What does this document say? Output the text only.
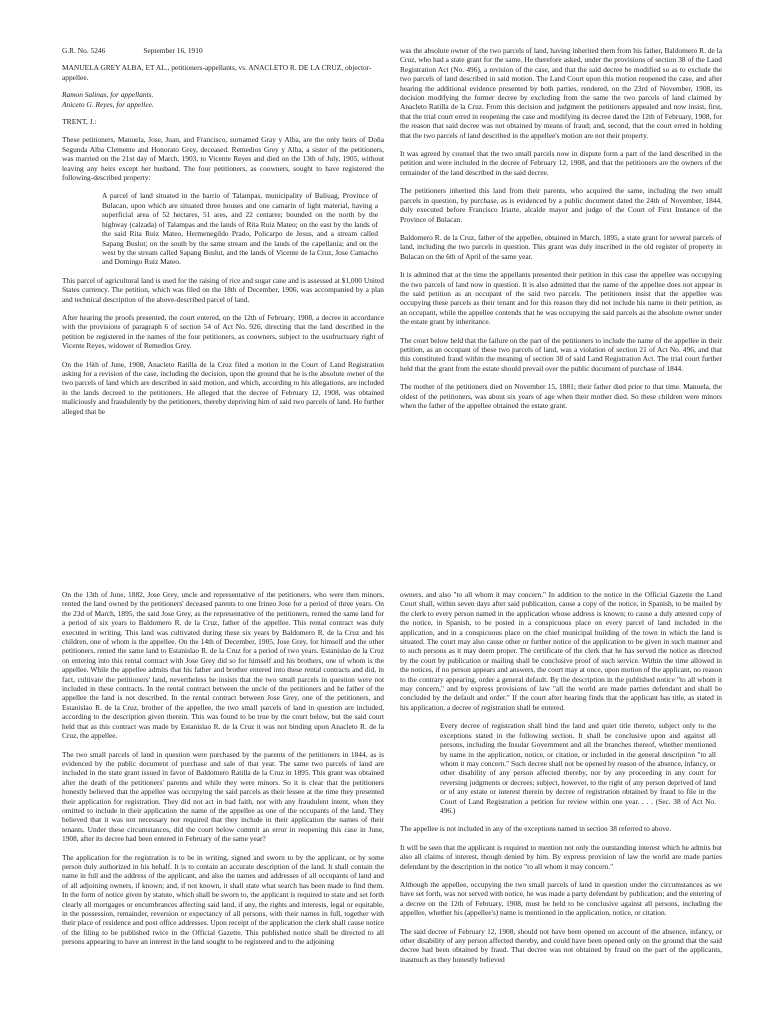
G.R. No. 5246	September 16, 1910
MANUELA GREY ALBA, ET AL., petitioners-appellants, vs. ANACLETO R. DE LA CRUZ, objector-appellee.
Ramon Salinas, for appellants.
Aniceto G. Reyes, for appellee.
TRENT, J.:
These petitioners, Manuela, Jose, Juan, and Francisco, surnamed Gray y Alba, are the only heirs of Doña Segunda Alba Clemente and Honorato Grey, deceased. Remedios Grey y Alba, a sister of the petitioners, was married on the 21st day of March, 1903, to Vicente Reyes and died on the 13th of July, 1905, without leaving any heirs except her husband. The four petitioners, as coowners, sought to have registered the following-described property:
A parcel of land situated in the barrio of Talampas, municipality of Baliuag, Province of Bulacan, upon which are situated three houses and one camarín of light material, having a superficial area of 52 hectares, 51 ares, and 22 centares; bounded on the north by the highway (calzada) of Talampas and the lands of Rita Ruiz Mateo; on the east by the lands of the said Rita Ruiz Mateo, Hermenegildo Prado, Policarpo de Jesus, and a stream called Sapang Buslut; on the south by the same stream and the lands of the capellanía; and on the west by the stream called Sapang Buslut, and the lands of Vicente de la Cruz, Jose Camacho and Domingo Ruiz Mateo.
This parcel of agricultural land is used for the raising of rice and sugar cane and is assessed at $1,000 United States currency. The petition, which was filed on the 18th of December, 1906, was accompanied by a plan and technical description of the above-described parcel of land.
After hearing the proofs presented, the court entered, on the 12th of February, 1908, a decree in accordance with the provisions of paragraph 6 of section 54 of Act No. 926, directing that the land described in the petition be registered in the names of the four petitioners, as coowners, subject to the usufructuary right of Vicente Reyes, widower of Remedios Grey.
On the 16th of June, 1908, Anacleto Ratilla de la Cruz filed a motion in the Court of Land Registration asking for a revision of the case, including the decision, upon the ground that he is the absolute owner of the two parcels of land which are described in said motion, and which, according to his allegations, are included in the lands decreed to the petitioners. He alleged that the decree of February 12, 1908, was obtained maliciously and fraudulently by the petitioners, thereby depriving him of said two parcels of land. He further alleged that he
was the absolute owner of the two parcels of land, having inherited them from his father, Baldomero R. de la Cruz, who had a state grant for the same. He therefore asked, under the provisions of section 38 of the Land Registration Act (No. 496), a revision of the case, and that the said decree be modified so as to exclude the two parcels of land described in said motion. The Land Court upon this motion reopened the case, and after hearing the additional evidence presented by both parties, rendered, on the 23rd of November, 1908, its decision modifying the former decree by excluding from the same the two parcels of land claimed by Anacleto Ratilla de la Cruz. From this decision and judgment the petitioners appealed and now insist, first, that the trial court erred in reopening the case and modifying its decree dated the 12th of February, 1908, for the reason that said decree was not obtained by means of fraud; and, second, that the court erred in holding that the two parcels of land described in the appellee's motion are not their property.
It was agreed by counsel that the two small parcels now in dispute form a part of the land described in the petition and were included in the decree of February 12, 1908, and that the petitioners are the owners of the remainder of the land described in the said decree.
The petitioners inherited this land from their parents, who acquired the same, including the two small parcels in question, by purchase, as is evidenced by a public document dated the 24th of November, 1844, duly executed before Francisco Iriarte, alcalde mayor and judge of the Court of First Instance of the Province of Bulacan.
Baldomero R. de la Cruz, father of the appellee, obtained in March, 1895, a state grant for several parcels of land, including the two parcels in question. This grant was duly inscribed in the old register of property in Bulacan on the 6th of April of the same year.
It is admitted that at the time the appellants presented their petition in this case the appellee was occupying the two parcels of land now in question. It is also admitted that the name of the appellee does not appear in the said petition as an occupant of the said two parcels. The petitioners insist that the appellee was occupying these parcels as their tenant and for this reason they did not include his name in their petition, as an occupant, while the appellee contends that he was occupying the said parcels as the absolute owner under the estate grant by inheritance.
The court below held that the failure on the part of the petitioners to include the name of the appellee in their petition, as an occupant of these two parcels of land, was a violation of section 21 of Act No. 496, and that this constituted fraud within the meaning of section 38 of said Land Registration Act. The trial court further held that the grant from the estate should prevail over the public document of purchase of 1844.
The mother of the petitioners died on November 15, 1881; their father died prior to that time. Manuela, the oldest of the petitioners, was about six years of age when their mother died. So these children were minors when the father of the appellee obtained the estate grant.
On the 13th of June, 1882, Jose Grey, uncle and representative of the petitioners, who were then minors, rented the land owned by the petitioners' deceased parents to one Irineo Jose for a period of three years. On the 23d of March, 1895, the said Jose Grey, as the representative of the petitioners, rented the same land for a period of six years to Baldomero R. de la Cruz, father of the appellee. This rental contract was duly executed in writing. This land was cultivated during these six years by Baldomero R. de la Cruz and his children, one of whom is the appellee. On the 14th of December, 1905, Jose Grey, for himself and the other petitioners, rented the same land to Estanislao R. de la Cruz for a period of two years. Estanislao de la Cruz on entering into this rental contract with Jose Grey did so for himself and his brothers, one of whom is the appellee. While the appellee admits that his father and brother entered into these rental contracts and did, in fact, cultivate the petitioners' land, nevertheless he insists that the two small parcels in question were not included in these contracts. In the rental contract between the uncle of the petitioners and he father of the appellee the land is not described. In the rental contract between Jose Grey, one of the petitioners, and Estanislao R. de la Cruz, brother of the appellee, the two small parcels of land in question are included, according to the description given therein. This was found to be true by the court below, but the said court held that as this contract was made by Estanislao R. de la Cruz it was not binding upon Anacleto R. de la Cruz, the appellee.
The two small parcels of land in question were purchased by the parents of the petitioners in 1844, as is evidenced by the public document of purchase and sale of that year. The same two parcels of land are included in the state grant issued in favor of Baldomero Ratilla de la Cruz in 1895. This grant was obtained after the death of the petitioners' parents and while they were minors. So it is clear that the petitioners honestly believed that the appellee was occupying the said parcels as their lessee at the time they presented their application for registration. They did not act in bad faith, nor with any fraudulent intent, when they omitted to include in their application the name of the appellee as one of the occupants of the land. They believed that it was not necessary nor required that they include in their application the names of their tenants. Under these circumstances, did the court below commit an error in reopening this case in June, 1908, after its decree had been entered in February of the same year?
The application for the registration is to be in writing, signed and sworn to by the applicant, or by some person duly authorized in his behalf. It is to contain an accurate description of the land. It shall contain the name in full and the address of the applicant, and also the names and addresses of all occupants of land and of all adjoining owners, if known; and, if not known, it shall state what search has been made to find them. In the form of notice given by statute, which shall be sworn to, the applicant is required to state and set forth clearly all mortgages or encumbrances affecting said land, if any, the rights and interests, legal or equitable, in the possession, remainder, reversion or expectancy of all persons, with their names in full, together with their place of residence and post office addresses. Upon receipt of the application the clerk shall cause notice of the filing to be published twice in the Official Gazette. This published notice shall be directed to all persons appearing to have an interest in the land sought to be registered and to the adjoining
owners, and also "to all whom it may concern." In addition to the notice in the Official Gazette the Land Court shall, within seven days after said publication, cause a copy of the notice, in Spanish, to be mailed by the clerk to every person named in the application whose address is known; to cause a duly attested copy of the notice, in Spanish, to be posted in a conspicuous place on every parcel of land included in the application, and in a conspicuous place on the chief municipal building of the town in which the land is situated. The court may also cause other or further notice of the application to be given in such manner and to such persons as it may deem proper. The certificate of the clerk that he has served the notice as directed by the court by publication or mailing shall be conclusive proof of such service. Within the time allowed in the notices, if no person appears and answers, the court may at once, upon motion of the applicant, no reason to the contrary appearing, order a general default. By the description in the published notice "to all whom it may concern," and by express provisions of law "all the world are made parties defendant and shall be concluded by the default and order." If the court after hearing finds that the applicant has title, as stated in his application, a decree of registration shall be entered.
Every decree of registration shall bind the land and quiet title thereto, subject only to the exceptions stated in the following section. It shall be conclusive upon and against all persons, including the Insular Government and all the branches thereof, whether mentioned by name in the application, notice, or citation, or included in the general description "to all whom it may concern." Such decree shall not be opened by reason of the absence, infancy, or other disability of any person affected thereby, nor by any proceeding in any court for reversing judgments or decrees; subject, however, to the right of any person deprived of land or of any estate or interest therein by decree of registration obtained by fraud to file in the Court of Land Registration a petition for review within one year. . . . (Sec. 38 of Act No. 496.)
The appellee is not included in any of the exceptions named in section 38 referred to above.
It will be seen that the applicant is required to mention not only the outstanding interest which he admits but also all claims of interest, though denied by him. By express provision of law the world are made parties defendant by the description in the notice "to all whom it may concern."
Although the appellee, occupying the two small parcels of land in question under the circumstances as we have set forth, was not served with notice, he was made a party defendant by publication; and the entering of a decree on the 12th of February, 1908, must be held to be conclusive against all persons, including the appellee, whether his (appellee's) name is mentioned in the application, notice, or citation.
The said decree of February 12, 1908, should not have been opened on account of the absence, infancy, or other disability of any person affected thereby, and could have been opened only on the ground that the said decree had been obtained by fraud. That decree was not obtained by fraud on the part of the applicants, inasmuch as they honestly believed
